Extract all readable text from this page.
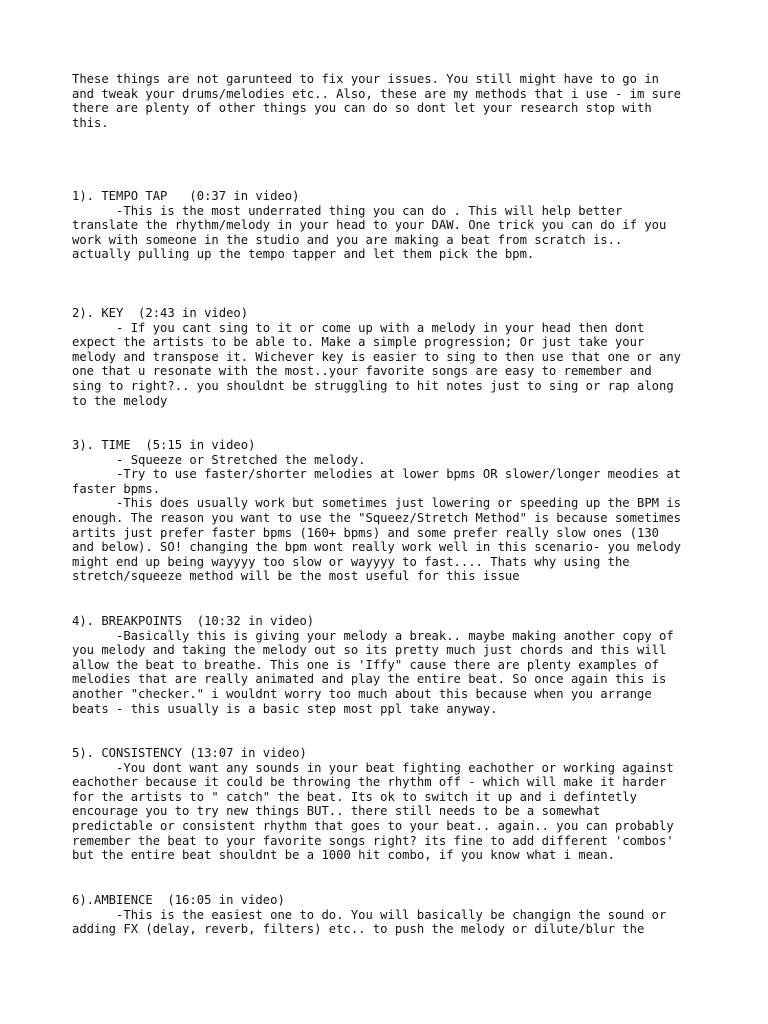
These things are not garunteed to fix your issues. You still might have to go in
and tweak your drums/melodies etc.. Also, these are my methods that i use - im sure
there are plenty of other things you can do so dont let your research stop with
this.
1). TEMPO TAP   (0:37 in video)
-This is the most underrated thing you can do . This will help better
translate the rhythm/melody in your head to your DAW. One trick you can do if you
work with someone in the studio and you are making a beat from scratch is..
actually pulling up the tempo tapper and let them pick the bpm.
2). KEY  (2:43 in video)
- If you cant sing to it or come up with a melody in your head then dont
expect the artists to be able to. Make a simple progression; Or just take your
melody and transpose it. Wichever key is easier to sing to then use that one or any
one that u resonate with the most..your favorite songs are easy to remember and
sing to right?.. you shouldnt be struggling to hit notes just to sing or rap along
to the melody
3). TIME  (5:15 in video)
- Squeeze or Stretched the melody.
-Try to use faster/shorter melodies at lower bpms OR slower/longer meodies at
faster bpms.
-This does usually work but sometimes just lowering or speeding up the BPM is
enough. The reason you want to use the "Squeez/Stretch Method" is because sometimes
artits just prefer faster bpms (160+ bpms) and some prefer really slow ones (130
and below). SO! changing the bpm wont really work well in this scenario- you melody
might end up being wayyyy too slow or wayyyy to fast.... Thats why using the
stretch/squeeze method will be the most useful for this issue
4). BREAKPOINTS  (10:32 in video)
-Basically this is giving your melody a break.. maybe making another copy of
you melody and taking the melody out so its pretty much just chords and this will
allow the beat to breathe. This one is 'Iffy" cause there are plenty examples of
melodies that are really animated and play the entire beat. So once again this is
another "checker." i wouldnt worry too much about this because when you arrange
beats - this usually is a basic step most ppl take anyway.
5). CONSISTENCY (13:07 in video)
-You dont want any sounds in your beat fighting eachother or working against
eachother because it could be throwing the rhythm off - which will make it harder
for the artists to " catch" the beat. Its ok to switch it up and i defintetly
encourage you to try new things BUT.. there still needs to be a somewhat
predictable or consistent rhythm that goes to your beat.. again.. you can probably
remember the beat to your favorite songs right? its fine to add different 'combos'
but the entire beat shouldnt be a 1000 hit combo, if you know what i mean.
6).AMBIENCE  (16:05 in video)
-This is the easiest one to do. You will basically be changign the sound or
adding FX (delay, reverb, filters) etc.. to push the melody or dilute/blur the
